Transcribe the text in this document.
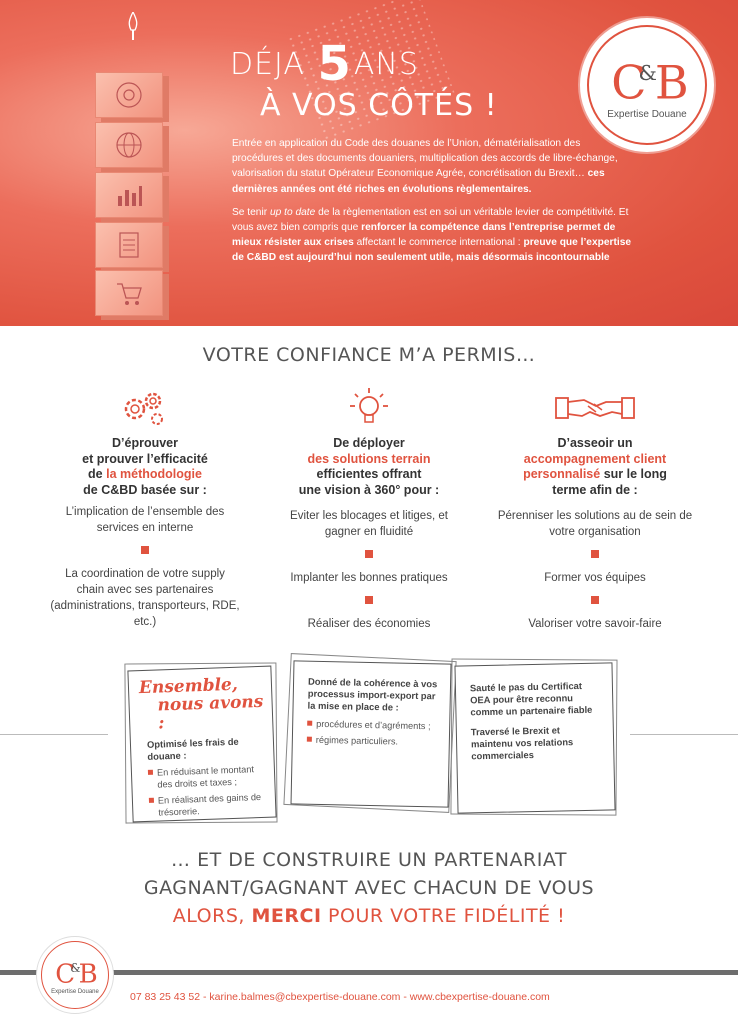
DÉJA 5ANS
À VOS CÔTÉS !

Entrée en application du Code des douanes de l’Union, dématérialisation des procédures et des documents douaniers, multiplication des accords de libre-échange, valorisation du statut Opérateur Economique Agrée, concrétisation du Brexit… ces dernières années ont été riches en évolutions règlementaires.

Se tenir up to date de la règlementation est en soi un véritable levier de compétitivité. Et vous avez bien compris que renforcer la compétence dans l’entreprise permet de mieux résister aux crises affectant le commerce international : preuve que l’expertise de C&BD est aujourd’hui non seulement utile, mais désormais incontournable

C&B
Expertise Douane
VOTRE CONFIANCE M’A PERMIS…
D’éprouver
et prouver l’efficacité
de la méthodologie
de C&BD basée sur :
L’implication de l’ensemble des services en interne
La coordination de votre supply chain avec ses partenaires (administrations, transporteurs, RDE, etc.)
De déployer
des solutions terrain
efficientes offrant
une vision à 360° pour :
Eviter les blocages et litiges, et gagner en fluidité
Implanter les bonnes pratiques
Réaliser des économies
D’asseoir un
accompagnement client
personnalisé sur le long
terme afin de :
Pérenniser les solutions au de sein de votre organisation
Former vos équipes
Valoriser votre savoir-faire
Ensemble,
nous avons :
Optimisé les frais de douane :
En réduisant le montant des droits et taxes ;
En réalisant des gains de trésorerie.
Donné de la cohérence à vos processus import-export par la mise en place de :
procédures et d’agréments ;
régimes particuliers.
Sauté le pas du Certificat OEA pour être reconnu comme un partenaire fiable
Traversé le Brexit et maintenu vos relations commerciales
… ET DE CONSTRUIRE UN PARTENARIAT
GAGNANT/GAGNANT AVEC CHACUN DE VOUS
ALORS, MERCI POUR VOTRE FIDÉLITÉ !
C&B
Expertise Douane	07 83 25 43 52 - karine.balmes@cbexpertise-douane.com - www.cbexpertise-douane.com
